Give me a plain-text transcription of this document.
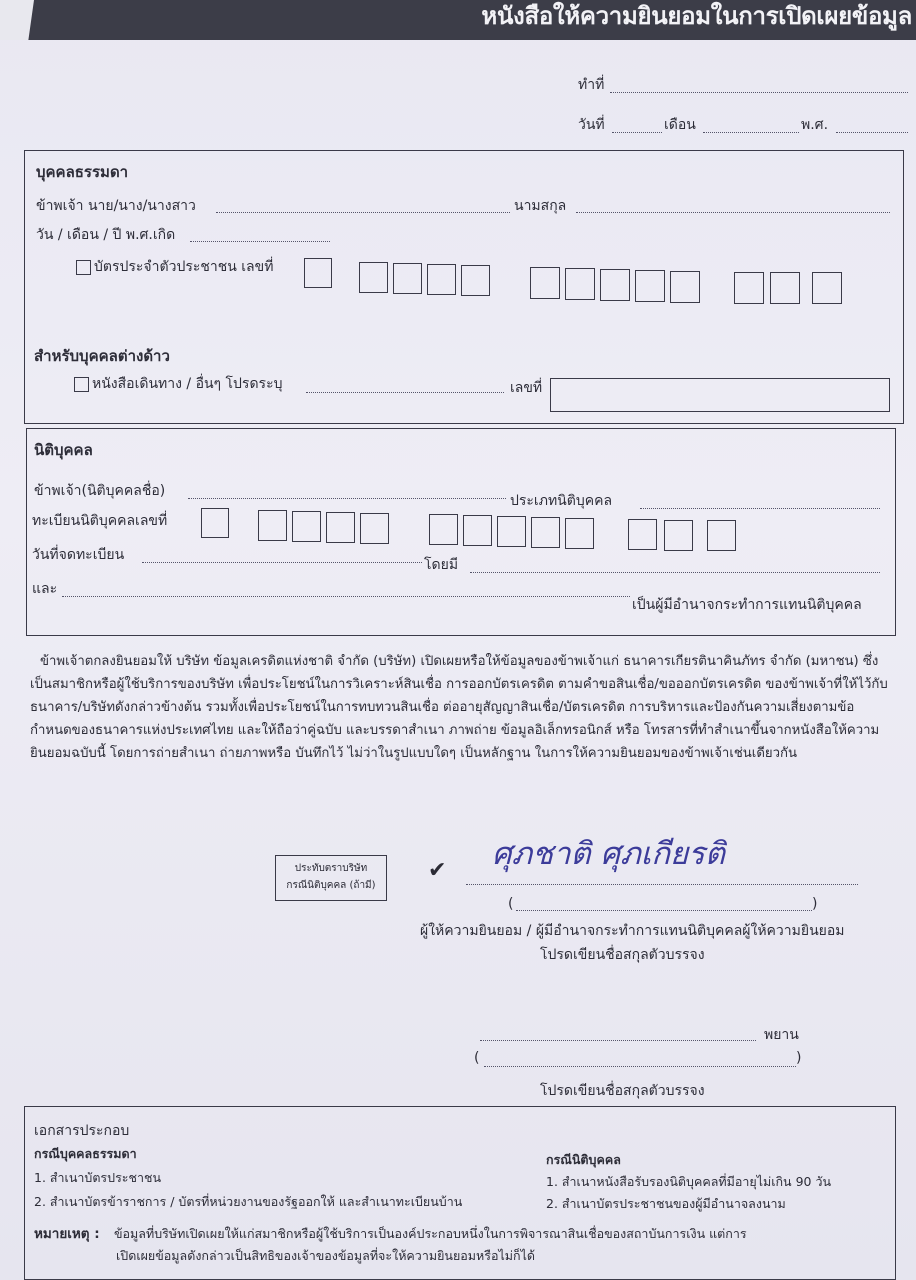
หนังสือให้ความยินยอมในการเปิดเผยข้อมูล
ทำที่
วันที่	เดือน	พ.ศ.
บุคคลธรรมดา
ข้าพเจ้า นาย/นาง/นางสาว	นามสกุล
วัน / เดือน / ปี พ.ศ.เกิด
บัตรประจำตัวประชาชน เลขที่
สำหรับบุคคลต่างด้าว
หนังสือเดินทาง / อื่นๆ โปรดระบุ	เลขที่
นิติบุคคล
ข้าพเจ้า(นิติบุคคลชื่อ)
ประเภทนิติบุคคล
ทะเบียนนิติบุคคลเลขที่
วันที่จดทะเบียน
โดยมี
และ
เป็นผู้มีอำนาจกระทำการแทนนิติบุคคล
ข้าพเจ้าตกลงยินยอมให้ บริษัท ข้อมูลเครดิตแห่งชาติ จำกัด (บริษัท) เปิดเผยหรือให้ข้อมูลของข้าพเจ้าแก่ ธนาคารเกียรตินาคินภัทร จำกัด (มหาชน) ซึ่งเป็นสมาชิกหรือผู้ใช้บริการของบริษัท เพื่อประโยชน์ในการวิเคราะห์สินเชื่อ การออกบัตรเครดิต ตามคำขอสินเชื่อ/ขอออกบัตรเครดิต ของข้าพเจ้าที่ให้ไว้กับธนาคาร/บริษัทดังกล่าวข้างต้น รวมทั้งเพื่อประโยชน์ในการทบทวนสินเชื่อ ต่ออายุสัญญาสินเชื่อ/บัตรเครดิต การบริหารและป้องกันความเสี่ยงตามข้อกำหนดของธนาคารแห่งประเทศไทย และให้ถือว่าคู่ฉบับ และบรรดาสำเนา ภาพถ่าย ข้อมูลอิเล็กทรอนิกส์ หรือ โทรสารที่ทำสำเนาขึ้นจากหนังสือให้ความยินยอมฉบับนี้ โดยการถ่ายสำเนา ถ่ายภาพหรือ บันทึกไว้ ไม่ว่าในรูปแบบใดๆ เป็นหลักฐาน ในการให้ความยินยอมของข้าพเจ้าเช่นเดียวกัน
ประทับตราบริษัท
กรณีนิติบุคคล (ถ้ามี)
✔ ศุภชาติ ศุภเกียรติ
(	)
ผู้ให้ความยินยอม / ผู้มีอำนาจกระทำการแทนนิติบุคคลผู้ให้ความยินยอม
โปรดเขียนชื่อสกุลตัวบรรจง
พยาน
(	)
โปรดเขียนชื่อสกุลตัวบรรจง
เอกสารประกอบ
กรณีบุคคลธรรมดา
1. สำเนาบัตรประชาชน
2. สำเนาบัตรข้าราชการ / บัตรที่หน่วยงานของรัฐออกให้ และสำเนาทะเบียนบ้าน
กรณีนิติบุคคล
1. สำเนาหนังสือรับรองนิติบุคคลที่มีอายุไม่เกิน 90 วัน
2. สำเนาบัตรประชาชนของผู้มีอำนาจลงนาม
หมายเหตุ : ข้อมูลที่บริษัทเปิดเผยให้แก่สมาชิกหรือผู้ใช้บริการเป็นองค์ประกอบหนึ่งในการพิจารณาสินเชื่อของสถาบันการเงิน แต่การ
เปิดเผยข้อมูลดังกล่าวเป็นสิทธิของเจ้าของข้อมูลที่จะให้ความยินยอมหรือไม่ก็ได้
